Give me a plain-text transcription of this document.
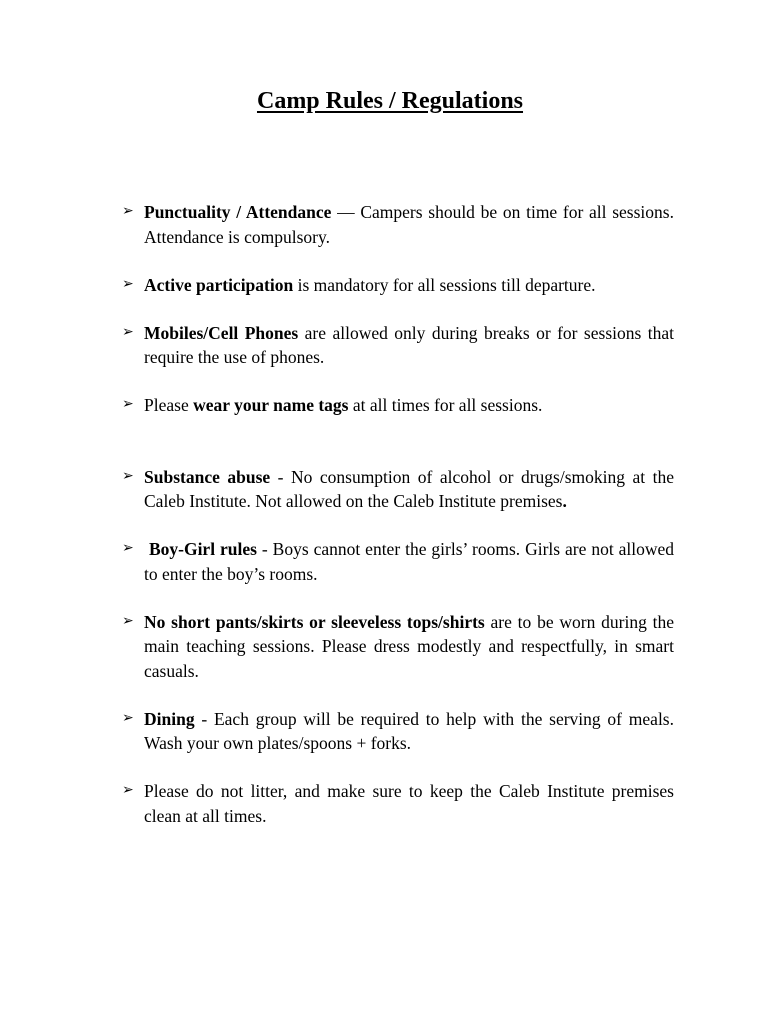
Camp Rules / Regulations
➢ Punctuality / Attendance — Campers should be on time for all sessions. Attendance is compulsory.
➢ Active participation is mandatory for all sessions till departure.
➢ Mobiles/Cell Phones are allowed only during breaks or for sessions that require the use of phones.
➢ Please wear your name tags at all times for all sessions.
➢ Substance abuse - No consumption of alcohol or drugs/smoking at the Caleb Institute. Not allowed on the Caleb Institute premises.
➢ Boy-Girl rules - Boys cannot enter the girls’ rooms. Girls are not allowed to enter the boy’s rooms.
➢ No short pants/skirts or sleeveless tops/shirts are to be worn during the main teaching sessions. Please dress modestly and respectfully, in smart casuals.
➢ Dining - Each group will be required to help with the serving of meals. Wash your own plates/spoons + forks.
➢ Please do not litter, and make sure to keep the Caleb Institute premises clean at all times.
